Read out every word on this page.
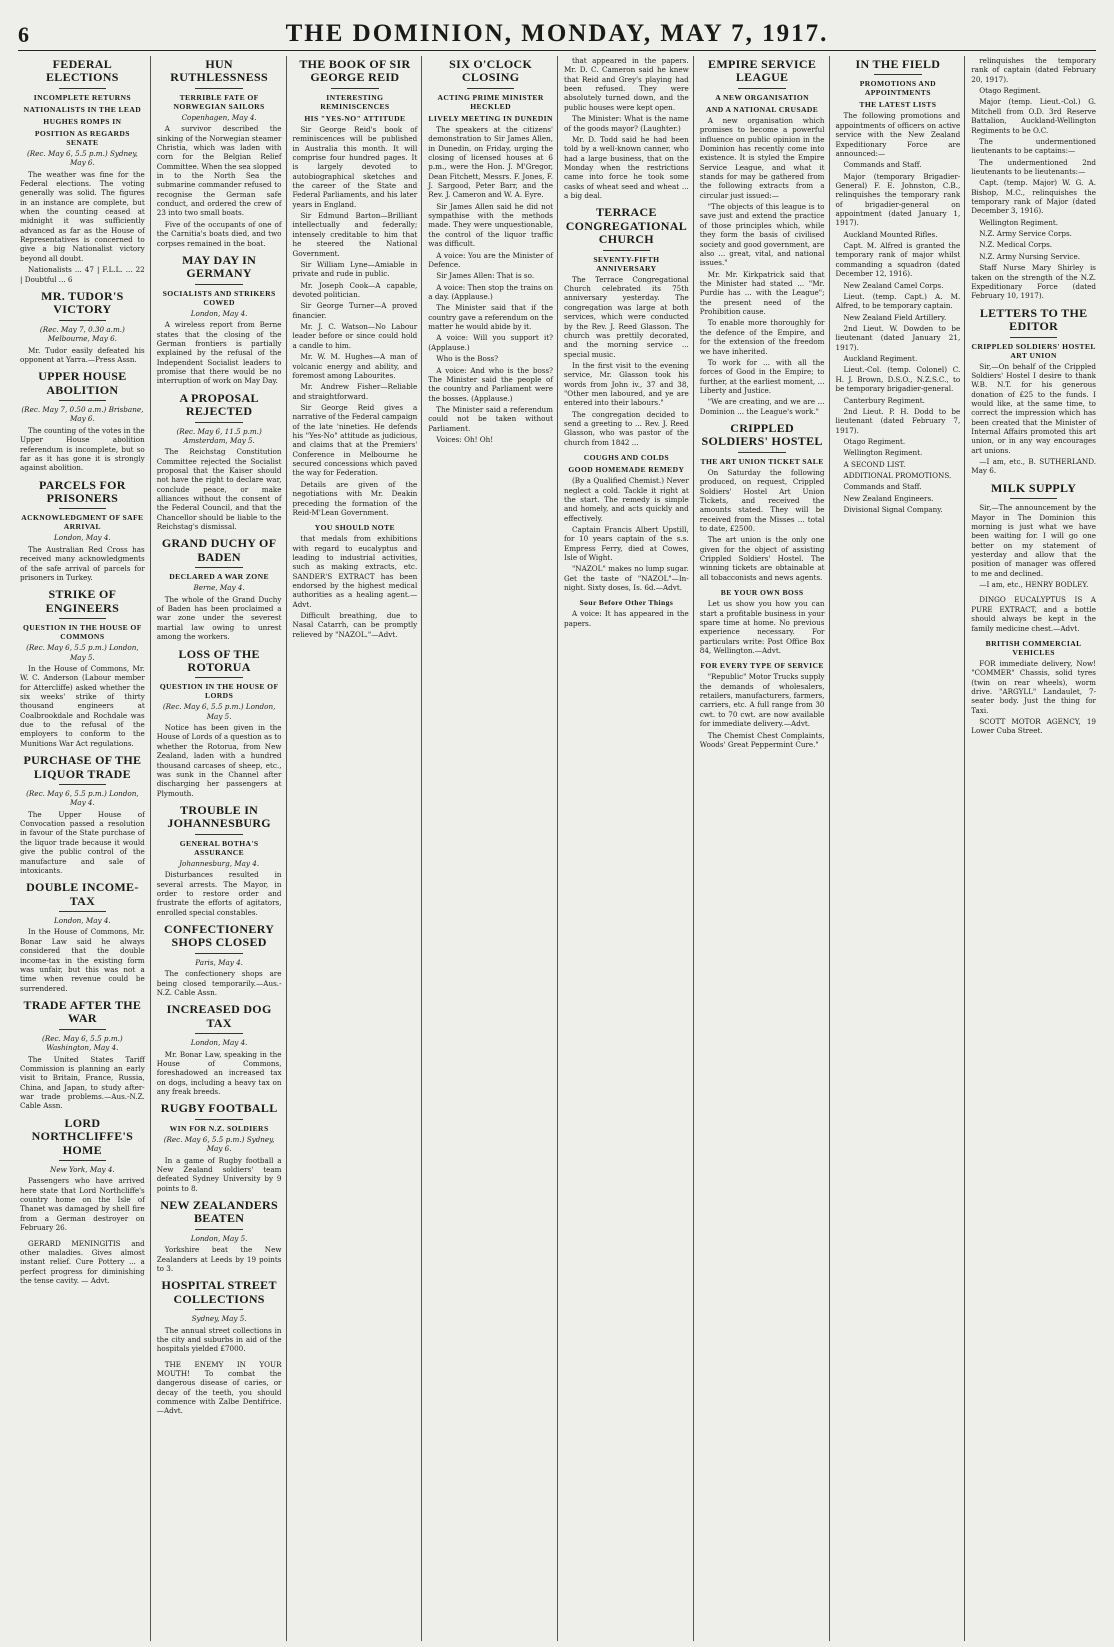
6	THE DOMINION, MONDAY, MAY 7, 1917.
FEDERAL ELECTIONS
INCOMPLETE RETURNS
NATIONALISTS IN THE LEAD
HUGHES ROMPS IN
POSITION AS REGARDS SENATE
(Rec. May 6, 5.5 p.m.) Sydney, May 6.
The weather was fine for the Federal elections. The voting generally was solid. The figures in an instance are complete, but when the counting ceased at midnight it was sufficiently advanced as far as the House of Representatives is concerned to give a big Nationalist victory beyond all doubt.
Nationalists ... 47 | F.L.L. ... 22 | Doubtful ... 6
MR. TUDOR'S VICTORY
(Rec. May 7, 0.30 a.m.) Melbourne, May 6.
Mr. Tudor easily defeated his opponent at Yarra.—Press Assn.
UPPER HOUSE ABOLITION
(Rec. May 7, 0.50 a.m.) Brisbane, May 6.
The counting of the votes in the Upper House abolition referendum is incomplete, but so far as it has gone it is strongly against abolition.
PARCELS FOR PRISONERS
ACKNOWLEDGMENT OF SAFE ARRIVAL
London, May 4.
The Australian Red Cross has received many acknowledgments of the safe arrival of parcels for prisoners in Turkey.
STRIKE OF ENGINEERS
QUESTION IN THE HOUSE OF COMMONS
(Rec. May 6, 5.5 p.m.) London, May 5.
In the House of Commons, Mr. W. C. Anderson (Labour member for Attercliffe) asked whether the six weeks' strike of thirty thousand engineers at Coalbrookdale and Rochdale was due to the refusal of the employers to conform to the Munitions War Act regulations.
PURCHASE OF THE LIQUOR TRADE
(Rec. May 6, 5.5 p.m.) London, May 4.
The Upper House of Convocation passed a resolution in favour of the State purchase of the liquor trade because it would give the public control of the manufacture and sale of intoxicants.
DOUBLE INCOME-TAX
London, May 4.
In the House of Commons, Mr. Bonar Law said he always considered that the double income-tax in the existing form was unfair, but this was not a time when revenue could be surrendered.
TRADE AFTER THE WAR
(Rec. May 6, 5.5 p.m.) Washington, May 4.
The United States Tariff Commission is planning an early visit to Britain, France, Russia, China, and Japan, to study after-war trade problems.—Aus.-N.Z. Cable Assn.
LORD NORTHCLIFFE'S HOME
New York, May 4.
Passengers who have arrived here state that Lord Northcliffe's country home on the Isle of Thanet was damaged by shell fire from a German destroyer on February 26.
GERARD MENINGITIS and other maladies. Gives almost instant relief. Cure Pottery ... a perfect progress for diminishing the tense cavity. — Advt.
HUN RUTHLESSNESS
TERRIBLE FATE OF NORWEGIAN SAILORS
Copenhagen, May 4.
A survivor described the sinking of the Norwegian steamer Christia, which was laden with corn for the Belgian Relief Committee. When the sea slopped in to the North Sea the submarine commander refused to recognise the German safe conduct, and ordered the crew of 23 into two small boats.
Five of the occupants of one of the Carnitia's boats died, and two corpses remained in the boat.
MAY DAY IN GERMANY
SOCIALISTS AND STRIKERS COWED
London, May 4.
A wireless report from Berne states that the closing of the German frontiers is partially explained by the refusal of the Independent Socialist leaders to promise that there would be no interruption of work on May Day.
A PROPOSAL REJECTED
(Rec. May 6, 11.5 p.m.) Amsterdam, May 5.
The Reichstag Constitution Committee rejected the Socialist proposal that the Kaiser should not have the right to declare war, conclude peace, or make alliances without the consent of the Federal Council, and that the Chancellor should be liable to the Reichstag's dismissal.
GRAND DUCHY OF BADEN
DECLARED A WAR ZONE
Berne, May 4.
The whole of the Grand Duchy of Baden has been proclaimed a war zone under the severest martial law owing to unrest among the workers.
LOSS OF THE ROTORUA
QUESTION IN THE HOUSE OF LORDS
(Rec. May 6, 5.5 p.m.) London, May 5.
Notice has been given in the House of Lords of a question as to whether the Rotorua, from New Zealand, laden with a hundred thousand carcases of sheep, etc., was sunk in the Channel after discharging her passengers at Plymouth.
TROUBLE IN JOHANNESBURG
GENERAL BOTHA'S ASSURANCE
Johannesburg, May 4.
Disturbances resulted in several arrests. The Mayor, in order to restore order and frustrate the efforts of agitators, enrolled special constables.
CONFECTIONERY SHOPS CLOSED
Paris, May 4.
The confectionery shops are being closed temporarily.—Aus.-N.Z. Cable Assn.
INCREASED DOG TAX
London, May 4.
Mr. Bonar Law, speaking in the House of Commons, foreshadowed an increased tax on dogs, including a heavy tax on any freak breeds.
RUGBY FOOTBALL
WIN FOR N.Z. SOLDIERS
(Rec. May 6, 5.5 p.m.) Sydney, May 6.
In a game of Rugby football a New Zealand soldiers' team defeated Sydney University by 9 points to 8.
NEW ZEALANDERS BEATEN
London, May 5.
Yorkshire beat the New Zealanders at Leeds by 19 points to 3.
HOSPITAL STREET COLLECTIONS
Sydney, May 5.
The annual street collections in the city and suburbs in aid of the hospitals yielded £7000.
THE ENEMY IN YOUR MOUTH! To combat the dangerous disease of caries, or decay of the teeth, you should commence with Zalbe Dentifrice.—Advt.
THE BOOK OF SIR GEORGE REID
INTERESTING REMINISCENCES
HIS "YES-NO" ATTITUDE
Sir George Reid's book of reminiscences will be published in Australia this month. It will comprise four hundred pages. It is largely devoted to autobiographical sketches and the career of the State and Federal Parliaments, and his later years in England.
Sir Edmund Barton—Brilliant intellectually and federally; intensely creditable to him that he steered the National Government.
Sir William Lyne—Amiable in private and rude in public.
Mr. Joseph Cook—A capable, devoted politician.
Sir George Turner—A proved financier.
Mr. J. C. Watson—No Labour leader before or since could hold a candle to him.
Mr. W. M. Hughes—A man of volcanic energy and ability, and foremost among Labourites.
Mr. Andrew Fisher—Reliable and straightforward.
Sir George Reid gives a narrative of the Federal campaign of the late 'nineties. He defends his "Yes-No" attitude as judicious, and claims that at the Premiers' Conference in Melbourne he secured concessions which paved the way for Federation.
Details are given of the negotiations with Mr. Deakin preceding the formation of the Reid-M'Lean Government.
YOU SHOULD NOTE
that medals from exhibitions with regard to eucalyptus and leading to industrial activities, such as making extracts, etc. SANDER'S EXTRACT has been endorsed by the highest medical authorities as a healing agent.—Advt.
Difficult breathing, due to Nasal Catarrh, can be promptly relieved by "NAZOL."—Advt.
SIX O'CLOCK CLOSING
ACTING PRIME MINISTER HECKLED
LIVELY MEETING IN DUNEDIN
The speakers at the citizens' demonstration to Sir James Allen, in Dunedin, on Friday, urging the closing of licensed houses at 6 p.m., were the Hon. J. M'Gregor, Dean Fitchett, Messrs. F. Jones, F. J. Sargood, Peter Barr, and the Rev. J. Cameron and W. A. Eyre.
Sir James Allen said he did not sympathise with the methods made. They were unquestionable, the control of the liquor traffic was difficult.
A voice: You are the Minister of Defence.
Sir James Allen: That is so.
A voice: Then stop the trains on a day. (Applause.)
The Minister said that if the country gave a referendum on the matter he would abide by it.
A voice: Will you support it? (Applause.)
Who is the Boss?
A voice: And who is the boss? The Minister said the people of the country and Parliament were the bosses. (Applause.)
The Minister said a referendum could not be taken without Parliament.
Voices: Oh! Oh!
that appeared in the papers. Mr. D. C. Cameron said he knew that Reid and Grey's playing had been refused. They were absolutely turned down, and the public houses were kept open.
The Minister: What is the name of the goods mayor? (Laughter.)
Mr. D. Todd said he had been told by a well-known canner, who had a large business, that on the Monday when the restrictions came into force he took some casks of wheat seed and wheat ... a big deal.
TERRACE CONGREGATIONAL CHURCH
SEVENTY-FIFTH ANNIVERSARY
The Terrace Congregational Church celebrated its 75th anniversary yesterday. The congregation was large at both services, which were conducted by the Rev. J. Reed Glasson. The church was prettily decorated, and the morning service ... special music.
In the first visit to the evening service, Mr. Glasson took his words from John iv., 37 and 38, "Other men laboured, and ye are entered into their labours."
The congregation decided to send a greeting to ... Rev. J. Reed Glasson, who was pastor of the church from 1842 ...
COUGHS AND COLDS
GOOD HOMEMADE REMEDY
(By a Qualified Chemist.) Never neglect a cold. Tackle it right at the start. The remedy is simple and homely, and acts quickly and effectively.
Captain Francis Albert Upstill, for 10 years captain of the s.s. Empress Ferry, died at Cowes, Isle of Wight.
"NAZOL" makes no lump sugar. Get the taste of "NAZOL"—In-night. Sixty doses, Is. 6d.—Advt.
Sour Before Other Things
A voice: It has appeared in the papers.
EMPIRE SERVICE LEAGUE
A NEW ORGANISATION
AND A NATIONAL CRUSADE
A new organisation which promises to become a powerful influence on public opinion in the Dominion has recently come into existence. It is styled the Empire Service League, and what it stands for may be gathered from the following extracts from a circular just issued:—
"The objects of this league is to save just and extend the practice of those principles which, while they form the basis of civilised society and good government, are also ... great, vital, and national issues."
Mr. Mr. Kirkpatrick said that the Minister had stated ... "Mr. Purdie has ... with the League"; the present need of the Prohibition cause.
To enable more thoroughly for the defence of the Empire, and for the extension of the freedom we have inherited.
To work for ... with all the forces of Good in the Empire; to further, at the earliest moment, ... Liberty and Justice.
"We are creating, and we are ... Dominion ... the League's work."
CRIPPLED SOLDIERS' HOSTEL
THE ART UNION TICKET SALE
On Saturday the following produced, on request, Crippled Soldiers' Hostel Art Union Tickets, and received the amounts stated. They will be received from the Misses ... total to date, £2500.
The art union is the only one given for the object of assisting Crippled Soldiers' Hostel. The winning tickets are obtainable at all tobacconists and news agents.
BE YOUR OWN BOSS
Let us show you how you can start a profitable business in your spare time at home. No previous experience necessary. For particulars write: Post Office Box 84, Wellington.—Advt.
FOR EVERY TYPE OF SERVICE
"Republic" Motor Trucks supply the demands of wholesalers, retailers, manufacturers, farmers, carriers, etc. A full range from 30 cwt. to 70 cwt. are now available for immediate delivery.—Advt.
The Chemist Chest Complaints, Woods' Great Peppermint Cure."
IN THE FIELD
PROMOTIONS AND APPOINTMENTS
THE LATEST LISTS
The following promotions and appointments of officers on active service with the New Zealand Expeditionary Force are announced:—
Commands and Staff.
Major (temporary Brigadier-General) F. E. Johnston, C.B., relinquishes the temporary rank of brigadier-general on appointment (dated January 1, 1917).
Auckland Mounted Rifles.
Capt. M. Alfred is granted the temporary rank of major whilst commanding a squadron (dated December 12, 1916).
New Zealand Camel Corps.
Lieut. (temp. Capt.) A. M. Alfred, to be temporary captain.
New Zealand Field Artillery.
2nd Lieut. W. Dowden to be lieutenant (dated January 21, 1917).
Auckland Regiment.
Lieut.-Col. (temp. Colonel) C. H. J. Brown, D.S.O., N.Z.S.C., to be temporary brigadier-general.
Canterbury Regiment.
2nd Lieut. P. H. Dodd to be lieutenant (dated February 7, 1917).
Otago Regiment.
Wellington Regiment.
A SECOND LIST.
ADDITIONAL PROMOTIONS.
Commands and Staff.
New Zealand Engineers.
Divisional Signal Company.
relinquishes the temporary rank of captain (dated February 20, 1917).
Otago Regiment.
Major (temp. Lieut.-Col.) G. Mitchell from O.D. 3rd Reserve Battalion, Auckland-Wellington Regiments to be O.C.
The undermentioned lieutenants to be captains:—
The undermentioned 2nd lieutenants to be lieutenants:—
Capt. (temp. Major) W. G. A. Bishop, M.C., relinquishes the temporary rank of Major (dated December 3, 1916).
Wellington Regiment.
N.Z. Army Service Corps.
N.Z. Medical Corps.
N.Z. Army Nursing Service.
Staff Nurse Mary Shirley is taken on the strength of the N.Z. Expeditionary Force (dated February 10, 1917).
LETTERS TO THE EDITOR
CRIPPLED SOLDIERS' HOSTEL ART UNION
Sir,—On behalf of the Crippled Soldiers' Hostel I desire to thank W.B. N.T. for his generous donation of £25 to the funds. I would like, at the same time, to correct the impression which has been created that the Minister of Internal Affairs promoted this art union, or in any way encourages art unions.
—I am, etc., B. SUTHERLAND. May 6.
MILK SUPPLY
Sir,—The announcement by the Mayor in The Dominion this morning is just what we have been waiting for. I will go one better on my statement of yesterday and allow that the position of manager was offered to me and declined.
—I am, etc., HENRY BODLEY.
DINGO EUCALYPTUS IS A PURE EXTRACT, and a bottle should always be kept in the family medicine chest.—Advt.
BRITISH COMMERCIAL VEHICLES
FOR immediate delivery, Now! "COMMER" Chassis, solid tyres (twin on rear wheels), worm drive. "ARGYLL" Landaulet, 7-seater body. Just the thing for Taxi.
SCOTT MOTOR AGENCY, 19 Lower Cuba Street.
